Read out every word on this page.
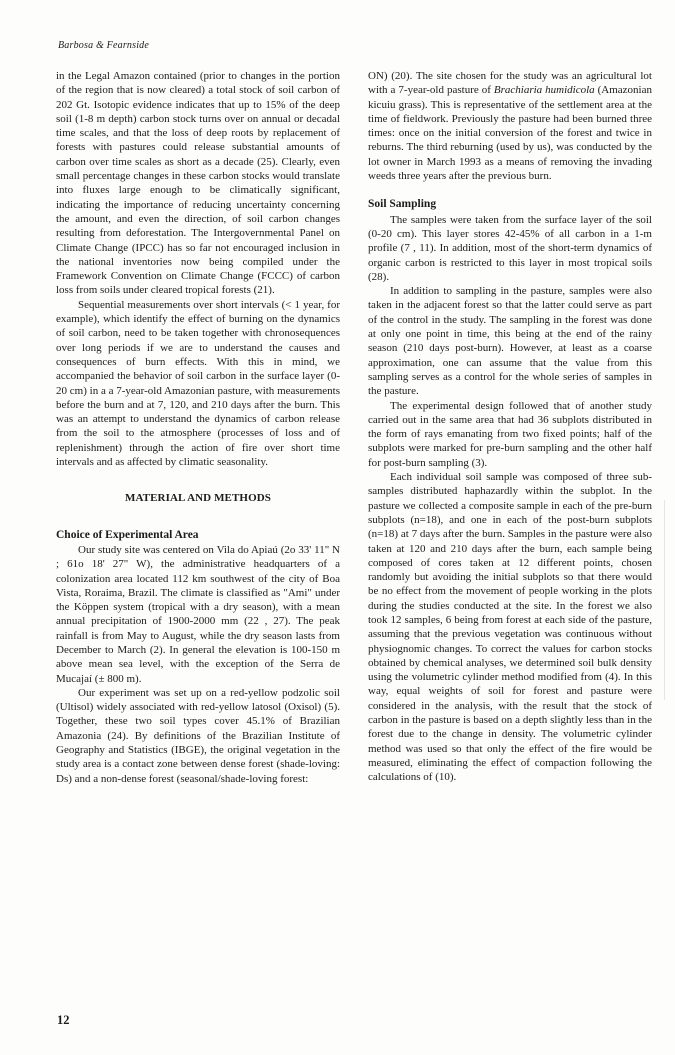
Barbosa & Fearnside

in the Legal Amazon contained (prior to changes in the portion of the region that is now cleared) a total stock of soil carbon of 202 Gt. Isotopic evidence indicates that up to 15% of the deep soil (1-8 m depth) carbon stock turns over on annual or decadal time scales, and that the loss of deep roots by replacement of forests with pastures could release substantial amounts of carbon over time scales as short as a decade (25). Clearly, even small percentage changes in these carbon stocks would translate into fluxes large enough to be climatically significant, indicating the importance of reducing uncertainty concerning the amount, and even the direction, of soil carbon changes resulting from deforestation. The Intergovernmental Panel on Climate Change (IPCC) has so far not encouraged inclusion in the national inventories now being compiled under the Framework Convention on Climate Change (FCCC) of carbon loss from soils under cleared tropical forests (21).

Sequential measurements over short intervals (< 1 year, for example), which identify the effect of burning on the dynamics of soil carbon, need to be taken together with chronosequences over long periods if we are to understand the causes and consequences of burn effects. With this in mind, we accompanied the behavior of soil carbon in the surface layer (0-20 cm) in a a 7-year-old Amazonian pasture, with measurements before the burn and at 7, 120, and 210 days after the burn. This was an attempt to understand the dynamics of carbon release from the soil to the atmosphere (processes of loss and of replenishment) through the action of fire over short time intervals and as affected by climatic seasonality.

MATERIAL AND METHODS
Choice of Experimental Area

Our study site was centered on Vila do Apiaú (2o 33' 11" N ; 61o 18' 27" W), the administrative headquarters of a colonization area located 112 km southwest of the city of Boa Vista, Roraima, Brazil. The climate is classified as "Ami" under the Köppen system (tropical with a dry season), with a mean annual precipitation of 1900-2000 mm (22 , 27). The peak rainfall is from May to August, while the dry season lasts from December to March (2). In general the elevation is 100-150 m above mean sea level, with the exception of the Serra de Mucajaí (± 800 m).

Our experiment was set up on a red-yellow podzolic soil (Ultisol) widely associated with red-yellow latosol (Oxisol) (5). Together, these two soil types cover 45.1% of Brazilian Amazonia (24). By definitions of the Brazilian Institute of Geography and Statistics (IBGE), the original vegetation in the study area is a contact zone between dense forest (shade-loving: Ds) and a non-dense forest (seasonal/shade-loving forest:

ON) (20). The site chosen for the study was an agricultural lot with a 7-year-old pasture of Brachiaria humidicola (Amazonian kicuiu grass). This is representative of the settlement area at the time of fieldwork. Previously the pasture had been burned three times: once on the initial conversion of the forest and twice in reburns. The third reburning (used by us), was conducted by the lot owner in March 1993 as a means of removing the invading weeds three years after the previous burn.

Soil Sampling

The samples were taken from the surface layer of the soil (0-20 cm). This layer stores 42-45% of all carbon in a 1-m profile (7 , 11). In addition, most of the short-term dynamics of organic carbon is restricted to this layer in most tropical soils (28).

In addition to sampling in the pasture, samples were also taken in the adjacent forest so that the latter could serve as part of the control in the study. The sampling in the forest was done at only one point in time, this being at the end of the rainy season (210 days post-burn). However, at least as a coarse approximation, one can assume that the value from this sampling serves as a control for the whole series of samples in the pasture.

The experimental design followed that of another study carried out in the same area that had 36 subplots distributed in the form of rays emanating from two fixed points; half of the subplots were marked for pre-burn sampling and the other half for post-burn sampling (3).

Each individual soil sample was composed of three sub-samples distributed haphazardly within the subplot. In the pasture we collected a composite sample in each of the pre-burn subplots (n=18), and one in each of the post-burn subplots (n=18) at 7 days after the burn. Samples in the pasture were also taken at 120 and 210 days after the burn, each sample being composed of cores taken at 12 different points, chosen randomly but avoiding the initial subplots so that there would be no effect from the movement of people working in the plots during the studies conducted at the site. In the forest we also took 12 samples, 6 being from forest at each side of the pasture, assuming that the previous vegetation was continuous without physiognomic changes. To correct the values for carbon stocks obtained by chemical analyses, we determined soil bulk density using the volumetric cylinder method modified from (4). In this way, equal weights of soil for forest and pasture were considered in the analysis, with the result that the stock of carbon in the pasture is based on a depth slightly less than in the forest due to the change in density. The volumetric cylinder method was used so that only the effect of the fire would be measured, eliminating the effect of compaction following the calculations of (10).

12
